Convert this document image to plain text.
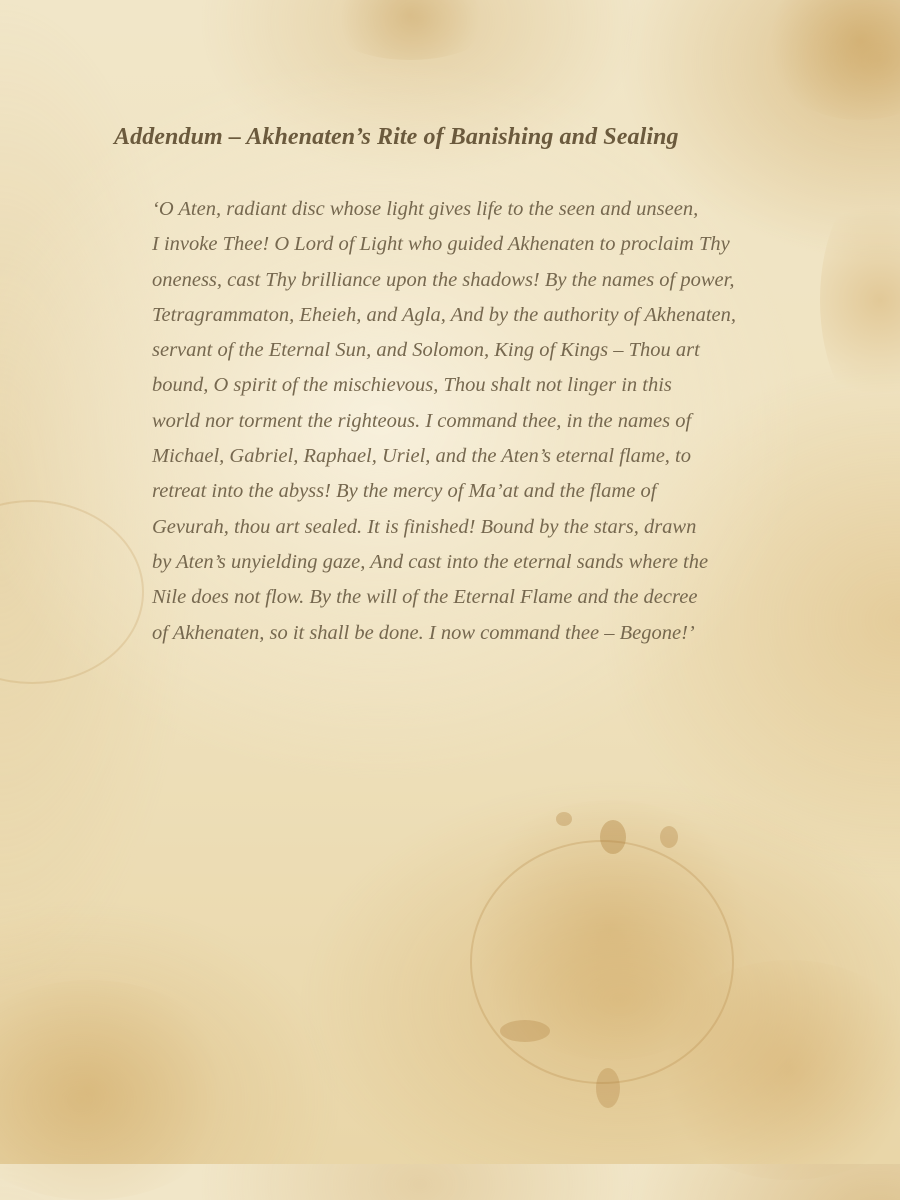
Addendum – Akhenaten’s Rite of Banishing and Sealing
‘O Aten, radiant disc whose light gives life to the seen and unseen,
I invoke Thee! O Lord of Light who guided Akhenaten to proclaim Thy
oneness, cast Thy brilliance upon the shadows! By the names of power,
Tetragrammaton, Eheieh, and Agla, And by the authority of Akhenaten,
servant of the Eternal Sun, and Solomon, King of Kings – Thou art
bound, O spirit of the mischievous, Thou shalt not linger in this
world nor torment the righteous. I command thee, in the names of
Michael, Gabriel, Raphael, Uriel, and the Aten’s eternal flame, to
retreat into the abyss! By the mercy of Ma’at and the flame of
Gevurah, thou art sealed. It is finished! Bound by the stars, drawn
by Aten’s unyielding gaze, And cast into the eternal sands where the
Nile does not flow. By the will of the Eternal Flame and the decree
of Akhenaten, so it shall be done. I now command thee – Begone!’
